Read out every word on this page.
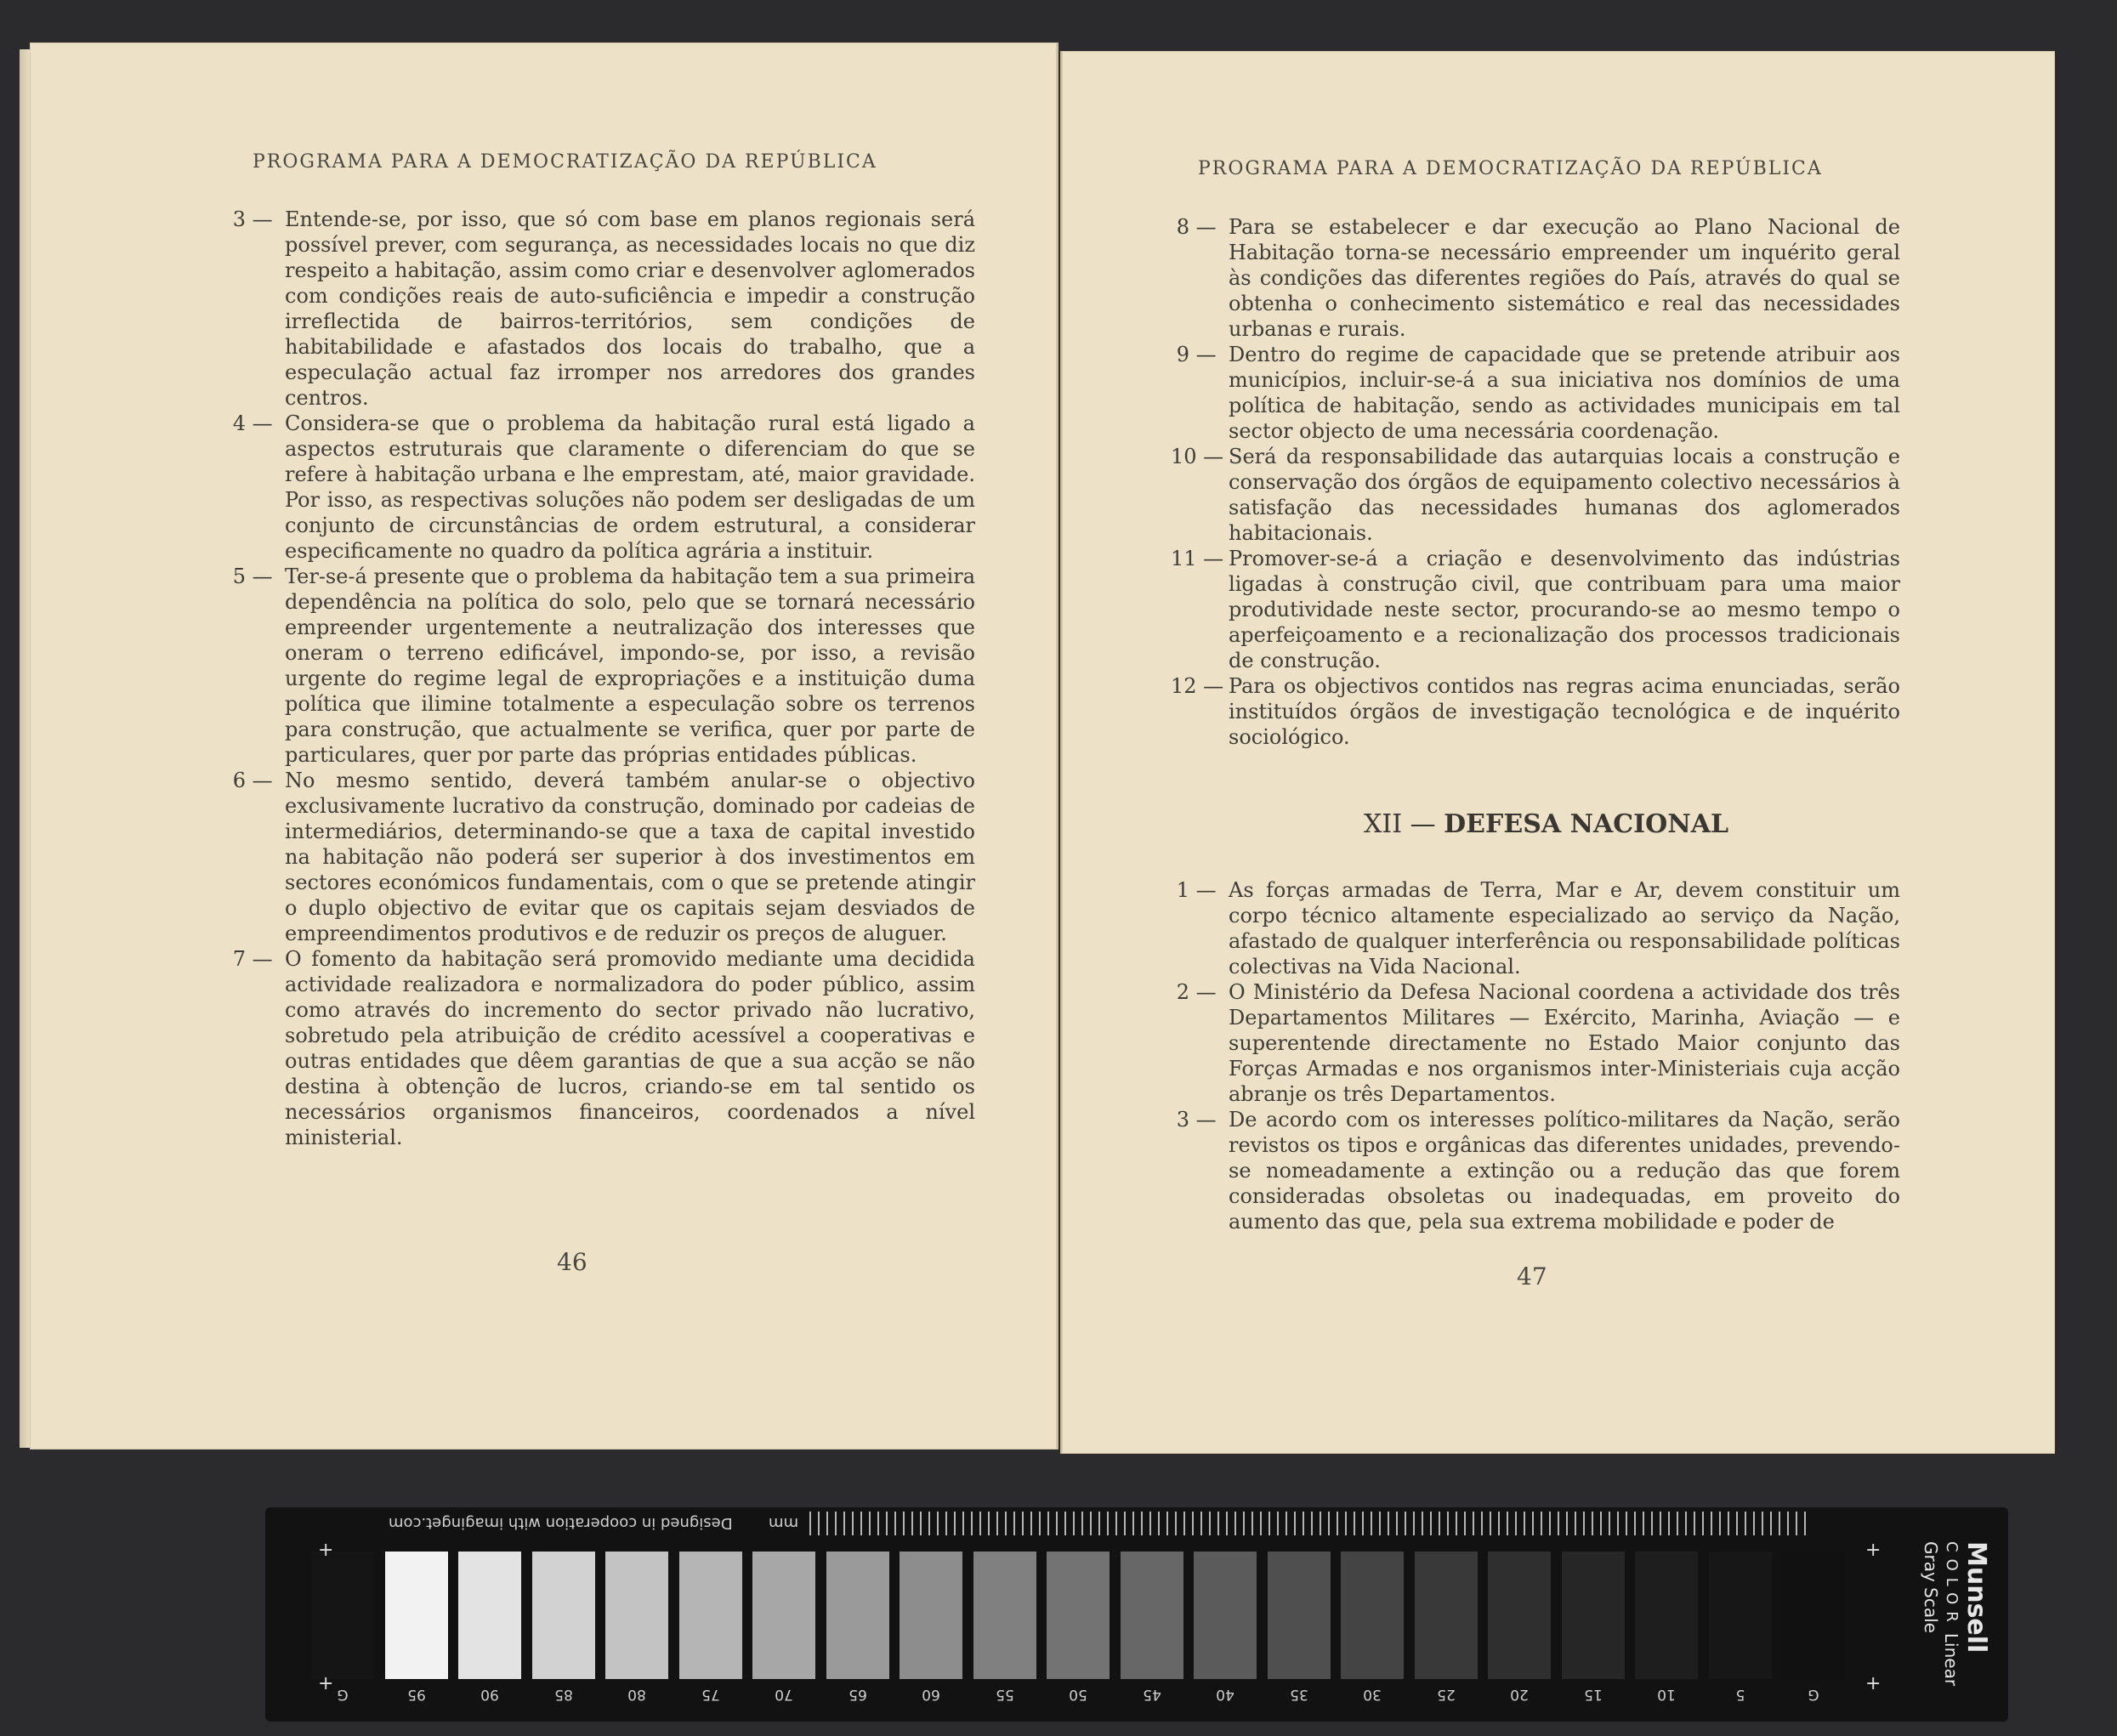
PROGRAMA PARA A DEMOCRATIZAÇÃO DA REPÚBLICA
3 — Entende-se, por isso, que só com base em planos regionais será possível prever, com segurança, as necessidades locais no que diz respeito a habitação, assim como criar e desenvolver aglomerados com condições reais de auto-suficiência e impedir a construção irreflectida de bairros-territórios, sem condições de habitabilidade e afastados dos locais do trabalho, que a especulação actual faz irromper nos arredores dos grandes centros.
4 — Considera-se que o problema da habitação rural está ligado a aspectos estruturais que claramente o diferenciam do que se refere à habitação urbana e lhe emprestam, até, maior gravidade. Por isso, as respectivas soluções não podem ser desligadas de um conjunto de circunstâncias de ordem estrutural, a considerar especificamente no quadro da política agrária a instituir.
5 — Ter-se-á presente que o problema da habitação tem a sua primeira dependência na política do solo, pelo que se tornará necessário empreender urgentemente a neutralização dos interesses que oneram o terreno edificável, impondo-se, por isso, a revisão urgente do regime legal de expropriações e a instituição duma política que ilimine totalmente a especulação sobre os terrenos para construção, que actualmente se verifica, quer por parte de particulares, quer por parte das próprias entidades públicas.
6 — No mesmo sentido, deverá também anular-se o objectivo exclusivamente lucrativo da construção, dominado por cadeias de intermediários, determinando-se que a taxa de capital investido na habitação não poderá ser superior à dos investimentos em sectores económicos fundamentais, com o que se pretende atingir o duplo objectivo de evitar que os capitais sejam desviados de empreendimentos produtivos e de reduzir os preços de aluguer.
7 — O fomento da habitação será promovido mediante uma decidida actividade realizadora e normalizadora do poder público, assim como através do incremento do sector privado não lucrativo, sobretudo pela atribuição de crédito acessível a cooperativas e outras entidades que dêem garantias de que a sua acção se não destina à obtenção de lucros, criando-se em tal sentido os necessários organismos financeiros, coordenados a nível ministerial.
46
PROGRAMA PARA A DEMOCRATIZAÇÃO DA REPÚBLICA
8 — Para se estabelecer e dar execução ao Plano Nacional de Habitação torna-se necessário empreender um inquérito geral às condições das diferentes regiões do País, através do qual se obtenha o conhecimento sistemático e real das necessidades urbanas e rurais.
9 — Dentro do regime de capacidade que se pretende atribuir aos municípios, incluir-se-á a sua iniciativa nos domínios de uma política de habitação, sendo as actividades municipais em tal sector objecto de uma necessária coordenação.
10 — Será da responsabilidade das autarquias locais a construção e conservação dos órgãos de equipamento colectivo necessários à satisfação das necessidades humanas dos aglomerados habitacionais.
11 — Promover-se-á a criação e desenvolvimento das indústrias ligadas à construção civil, que contribuam para uma maior produtividade neste sector, procurando-se ao mesmo tempo o aperfeiçoamento e a recionalização dos processos tradicionais de construção.
12 — Para os objectivos contidos nas regras acima enunciadas, serão instituídos órgãos de investigação tecnológica e de inquérito sociológico.
XII — DEFESA NACIONAL
1 — As forças armadas de Terra, Mar e Ar, devem constituir um corpo técnico altamente especializado ao serviço da Nação, afastado de qualquer interferência ou responsabilidade políticas colectivas na Vida Nacional.
2 — O Ministério da Defesa Nacional coordena a actividade dos três Departamentos Militares — Exército, Marinha, Aviação — e superentende directamente no Estado Maior conjunto das Forças Armadas e nos organismos inter-Ministeriais cuja acção abranje os três Departamentos.
3 — De acordo com os interesses político-militares da Nação, serão revistos os tipos e orgânicas das diferentes unidades, prevendo-se nomeadamente a extinção ou a redução das que forem consideradas obsoletas ou inadequadas, em proveito do aumento das que, pela sua extrema mobilidade e poder de
47
Designed in cooperation with imaginget.com mm
G	95	90	85	80	75	70	65	60	55	50	45	40	35	30	25	20	15	10	5	G
+
+
+
+
Munsell COLOR Linear Gray Scale
